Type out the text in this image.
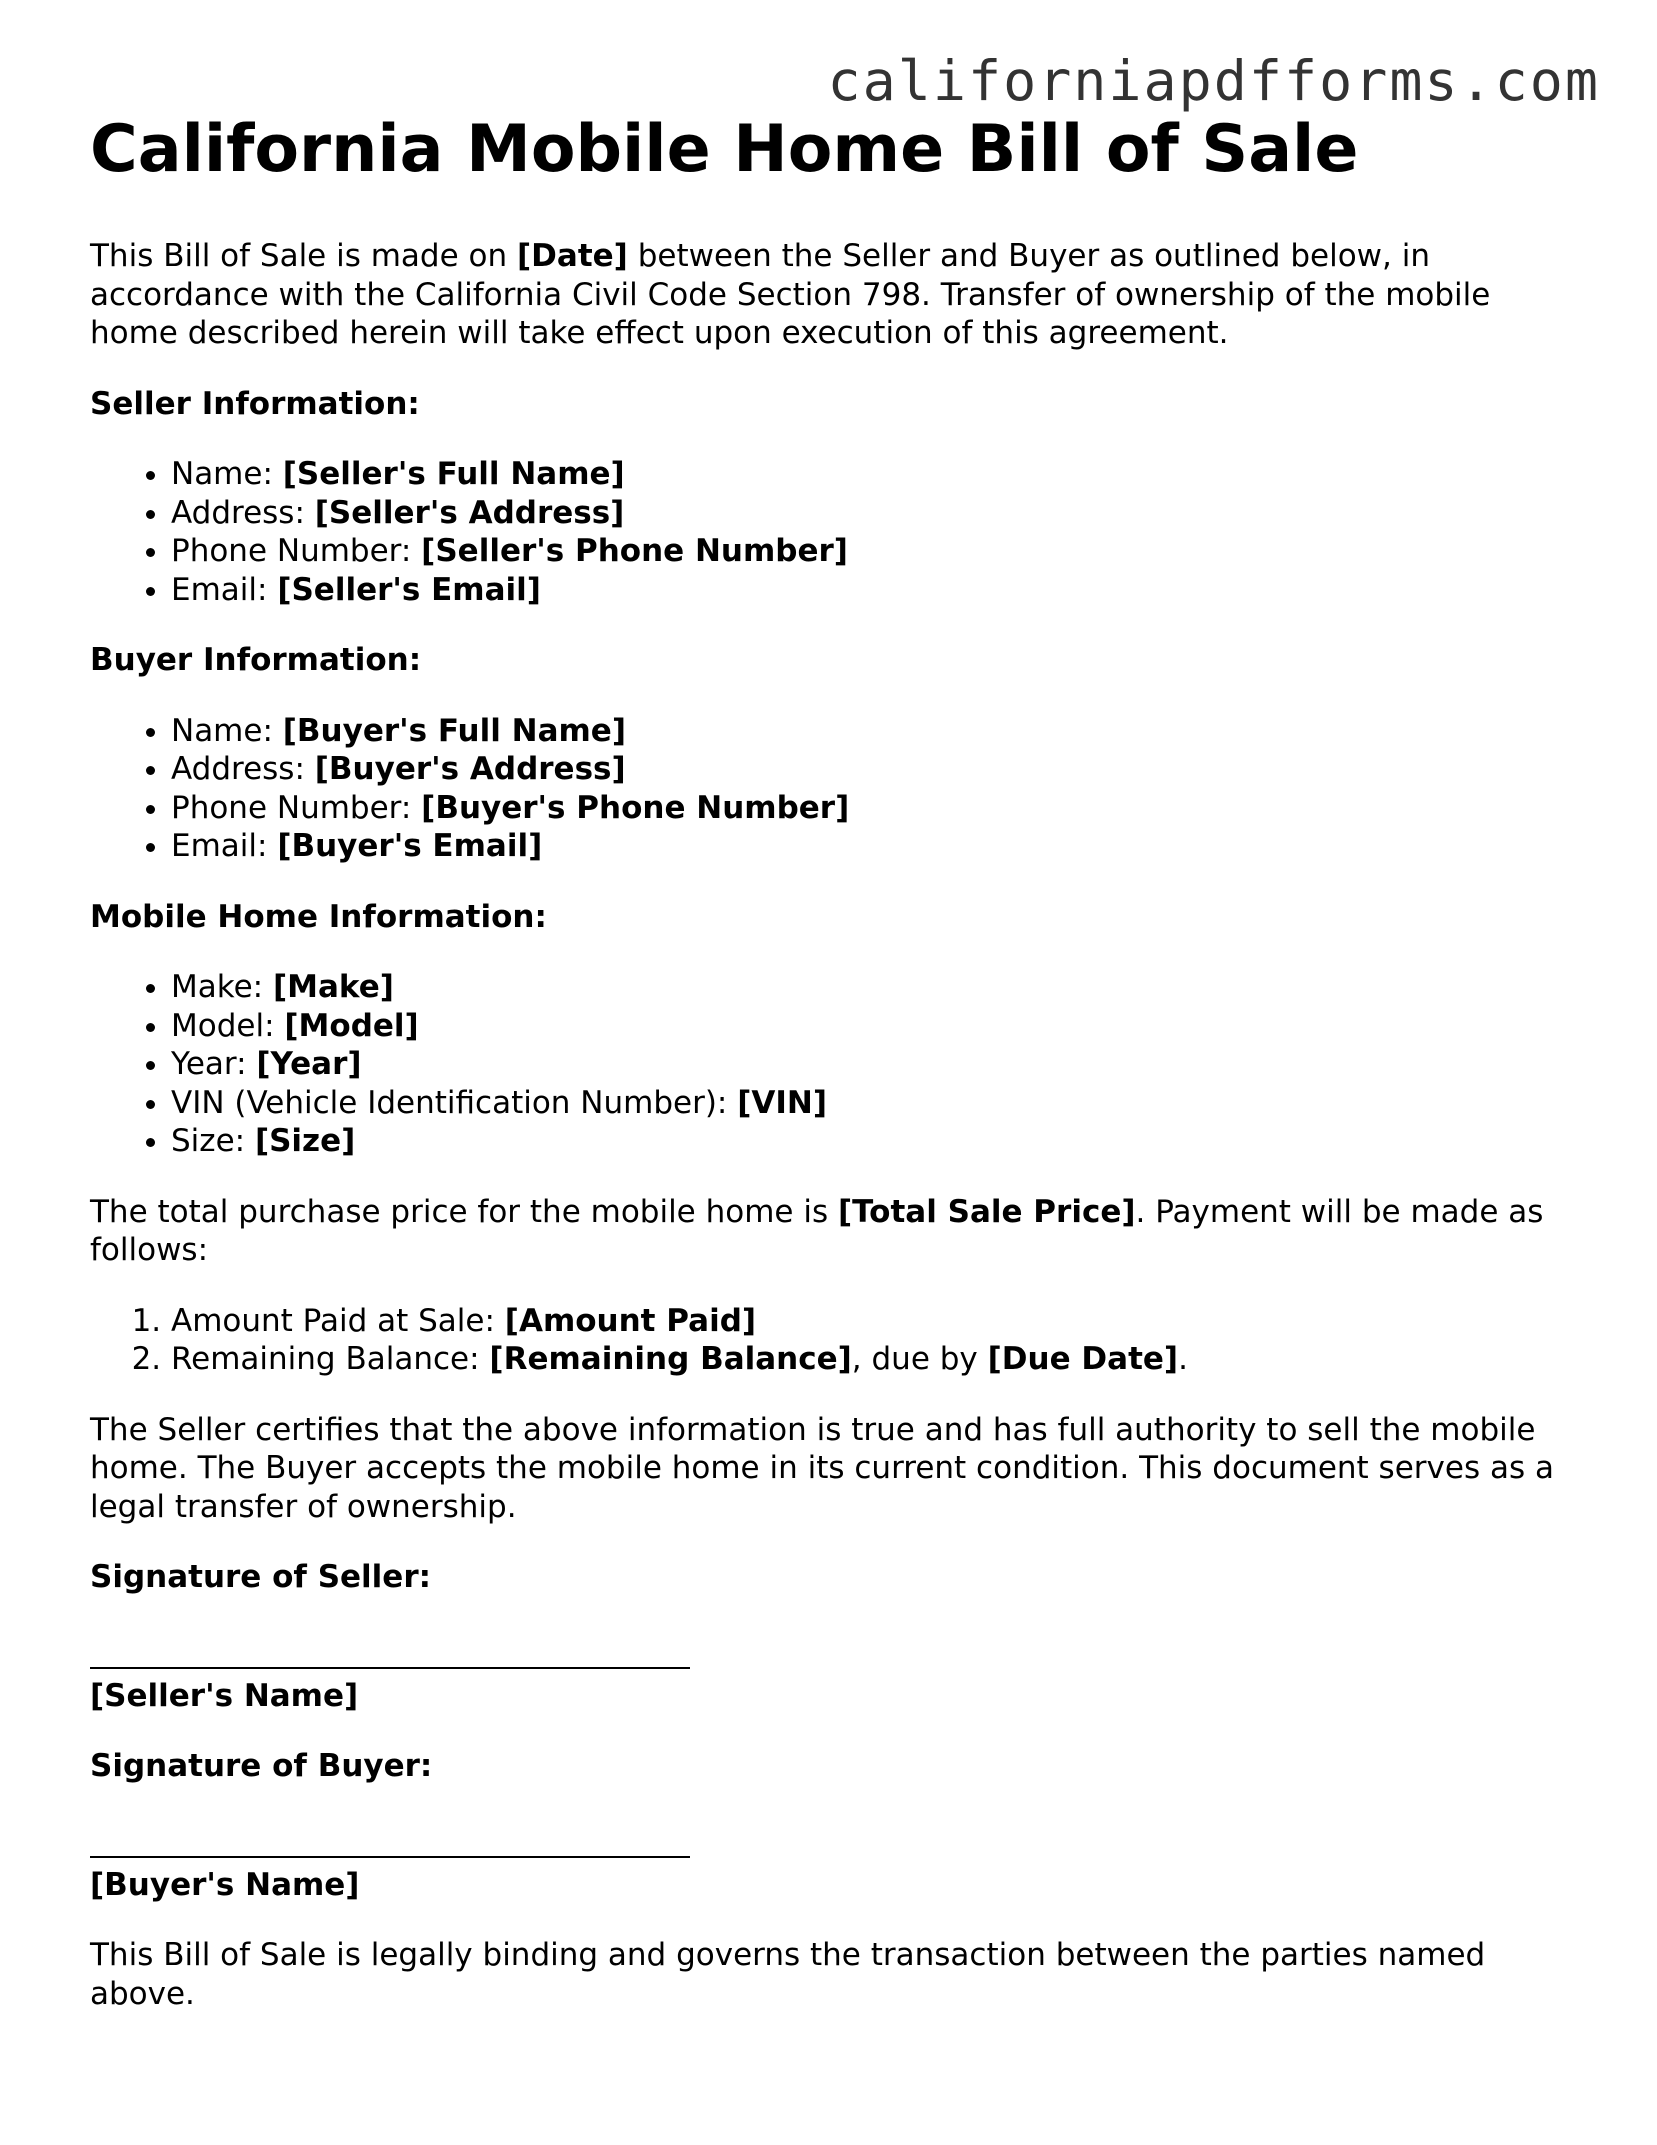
californiapdfforms.com
California Mobile Home Bill of Sale

This Bill of Sale is made on [Date] between the Seller and Buyer as outlined below, in accordance with the California Civil Code Section 798. Transfer of ownership of the mobile home described herein will take effect upon execution of this agreement.

Seller Information:
• Name: [Seller's Full Name]
• Address: [Seller's Address]
• Phone Number: [Seller's Phone Number]
• Email: [Seller's Email]
Buyer Information:
• Name: [Buyer's Full Name]
• Address: [Buyer's Address]
• Phone Number: [Buyer's Phone Number]
• Email: [Buyer's Email]
Mobile Home Information:
• Make: [Make]
• Model: [Model]
• Year: [Year]
• VIN (Vehicle Identification Number): [VIN]
• Size: [Size]

The total purchase price for the mobile home is [Total Sale Price]. Payment will be made as follows:

1. Amount Paid at Sale: [Amount Paid]
2. Remaining Balance: [Remaining Balance], due by [Due Date].

The Seller certifies that the above information is true and has full authority to sell the mobile home. The Buyer accepts the mobile home in its current condition. This document serves as a legal transfer of ownership.

Signature of Seller:
[Seller's Name]
Signature of Buyer:
[Buyer's Name]

This Bill of Sale is legally binding and governs the transaction between the parties named above.
